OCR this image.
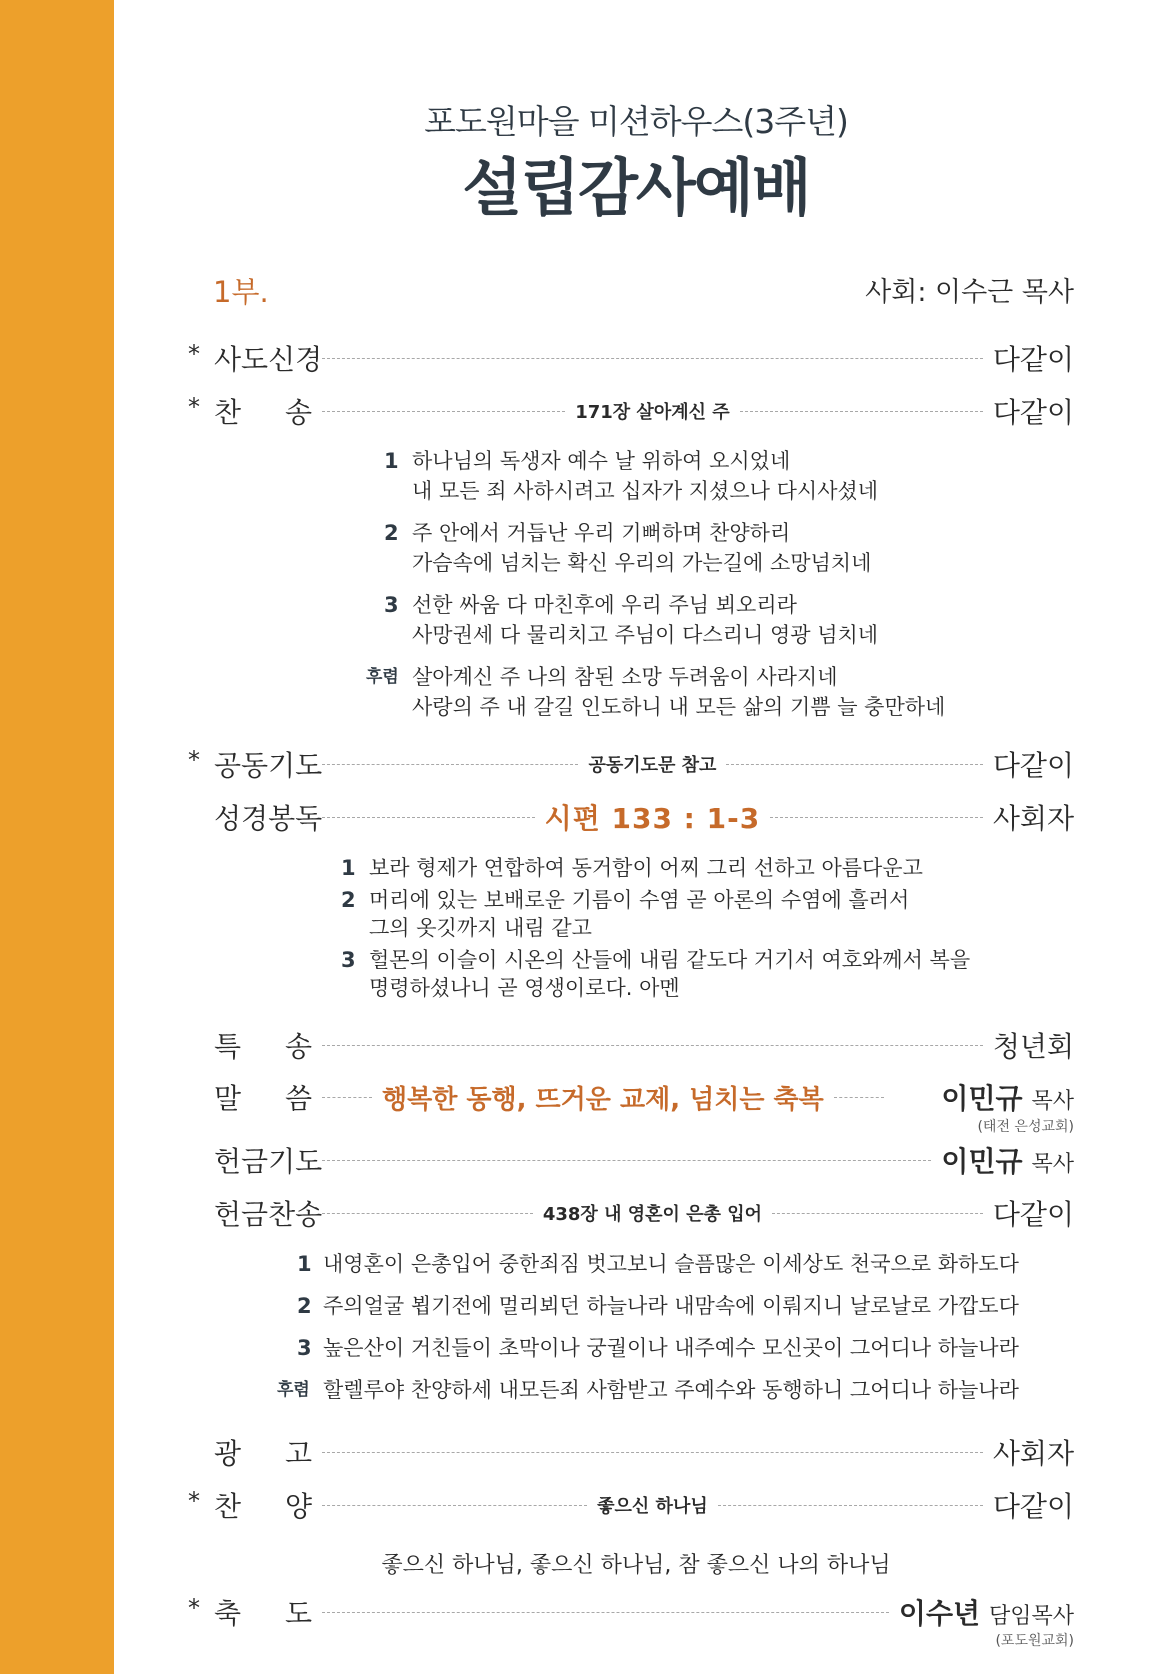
포도원마을 미션하우스(3주년)
설립감사예배
1부.	사회: 이수근 목사
* 사도신경	다같이
* 찬 송	171장 살아계신 주	다같이
1 하나님의 독생자 예수 날 위하여 오시었네
내 모든 죄 사하시려고 십자가 지셨으나 다시사셨네
2 주 안에서 거듭난 우리 기뻐하며 찬양하리
가슴속에 넘치는 확신 우리의 가는길에 소망넘치네
3 선한 싸움 다 마친후에 우리 주님 뵈오리라
사망권세 다 물리치고 주님이 다스리니 영광 넘치네
후렴 살아계신 주 나의 참된 소망 두려움이 사라지네
사랑의 주 내 갈길 인도하니 내 모든 삶의 기쁨 늘 충만하네
* 공동기도	공동기도문 참고	다같이
성경봉독	시편 133 : 1-3	사회자
1 보라 형제가 연합하여 동거함이 어찌 그리 선하고 아름다운고
2 머리에 있는 보배로운 기름이 수염 곧 아론의 수염에 흘러서
그의 옷깃까지 내림 같고
3 헐몬의 이슬이 시온의 산들에 내림 같도다 거기서 여호와께서 복을
명령하셨나니 곧 영생이로다. 아멘
특 송	청년회
말 씀	행복한 동행, 뜨거운 교제, 넘치는 축복	이민규 목사
(태전 은성교회)
헌금기도	이민규 목사
헌금찬송	438장 내 영혼이 은총 입어	다같이
1 내영혼이 은총입어 중한죄짐 벗고보니 슬픔많은 이세상도 천국으로 화하도다
2 주의얼굴 뵙기전에 멀리뵈던 하늘나라 내맘속에 이뤄지니 날로날로 가깝도다
3 높은산이 거친들이 초막이나 궁궐이나 내주예수 모신곳이 그어디나 하늘나라
후렴 할렐루야 찬양하세 내모든죄 사함받고 주예수와 동행하니 그어디나 하늘나라
광 고	사회자
* 찬 양	좋으신 하나님	다같이
좋으신 하나님, 좋으신 하나님, 참 좋으신 나의 하나님
* 축 도	이수년 담임목사
(포도원교회)
